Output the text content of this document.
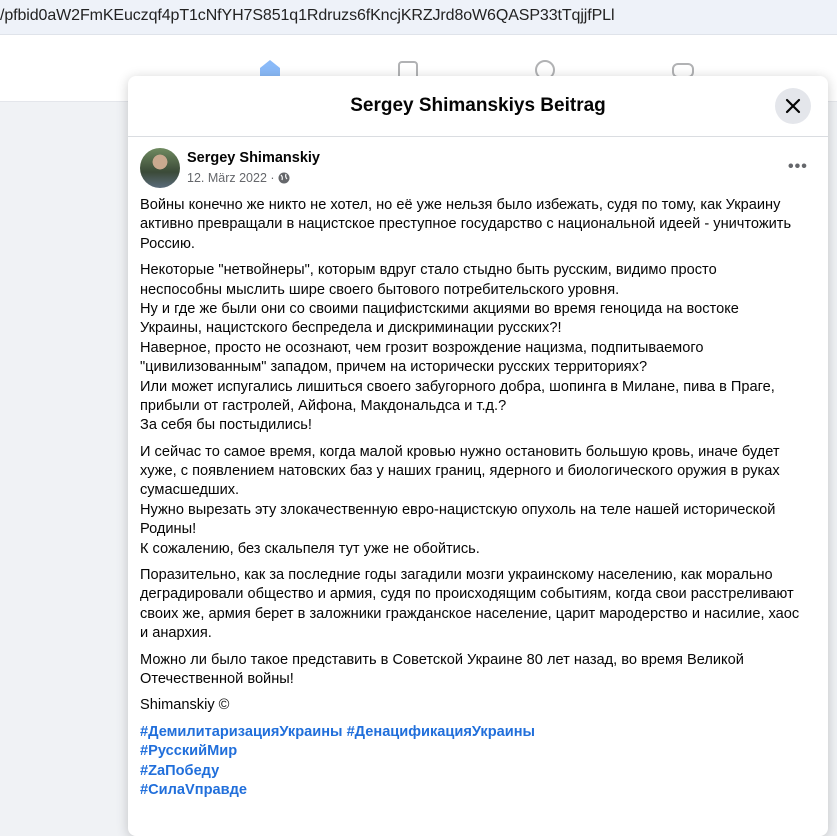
/pfbid0aW2FmKEuczqf4pT1cNfYH7S851q1Rdruzs6fKncjKRZJrd8oW6QASP33tTqjjfPLl
Sergey Shimanskiys Beitrag
Sergey Shimanskiy
12. März 2022 ·
•••
Войны конечно же никто не хотел, но её уже нельзя было избежать, судя по тому, как Украину
активно превращали в нацистское преступное государство с национальной идеей - уничтожить
Россию.
Некоторые "нетвойнеры", которым вдруг стало стыдно быть русским, видимо просто
неспособны мыслить шире своего бытового потребительского уровня.
Ну и где же были они со своими пацифистскими акциями во время геноцида на востоке
Украины, нацистского беспредела и дискриминации русских?!
Наверное, просто не осознают, чем грозит возрождение нацизма, подпитываемого
"цивилизованным" западом, причем на исторически русских территориях?
Или может испугались лишиться своего забугорного добра, шопинга в Милане, пива в Праге,
прибыли от гастролей, Айфона, Макдональдса и т.д.?
За себя бы постыдились!
И сейчас то самое время, когда малой кровью нужно остановить большую кровь, иначе будет
хуже, с появлением натовских баз у наших границ, ядерного и биологического оружия в руках
сумасшедших.
Нужно вырезать эту злокачественную евро-нацистскую опухоль на теле нашей исторической
Родины!
К сожалению, без скальпеля тут уже не обойтись.
Поразительно, как за последние годы загадили мозги украинскому населению, как морально
деградировали общество и армия, судя по происходящим событиям, когда свои расстреливают
своих же, армия берет в заложники гражданское население, царит мародерство и насилие, хаос
и анархия.
Можно ли было такое представить в Советской Украине 80 лет назад, во время Великой
Отечественной войны!
Shimanskiy ©
#ДемилитаризацияУкраины #ДенацификацияУкраины
#РусскийМир
#ZаПобеду
#СилаVправде
